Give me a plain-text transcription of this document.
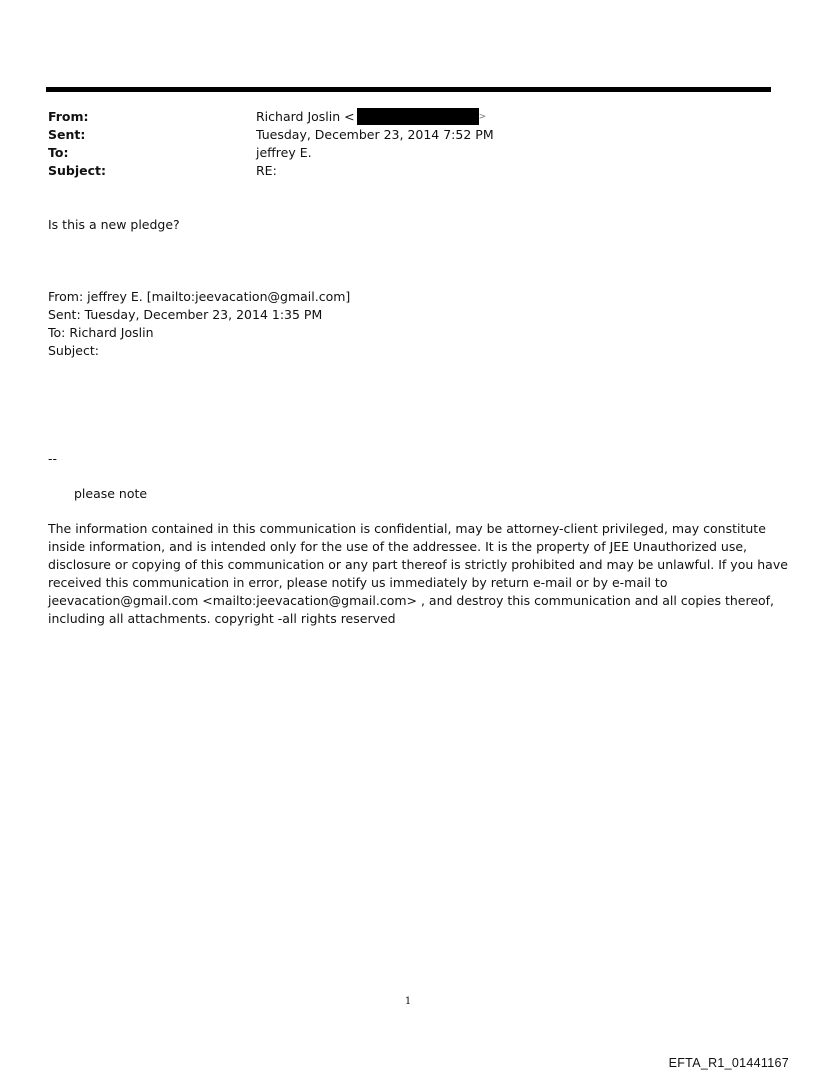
From:	Richard Joslin <	>
Sent:	Tuesday, December 23, 2014 7:52 PM
To:	jeffrey E.
Subject:	RE:
Is this a new pledge?
From: jeffrey E. [mailto:jeevacation@gmail.com]
Sent: Tuesday, December 23, 2014 1:35 PM
To: Richard Joslin
Subject:
--
please note
The information contained in this communication is confidential, may be attorney-client privileged, may constitute
inside information, and is intended only for the use of the addressee. It is the property of JEE Unauthorized use,
disclosure or copying of this communication or any part thereof is strictly prohibited and may be unlawful. If you have
received this communication in error, please notify us immediately by return e-mail or by e-mail to
jeevacation@gmail.com <mailto:jeevacation@gmail.com> , and destroy this communication and all copies thereof,
including all attachments. copyright -all rights reserved
1
EFTA_R1_01441167
